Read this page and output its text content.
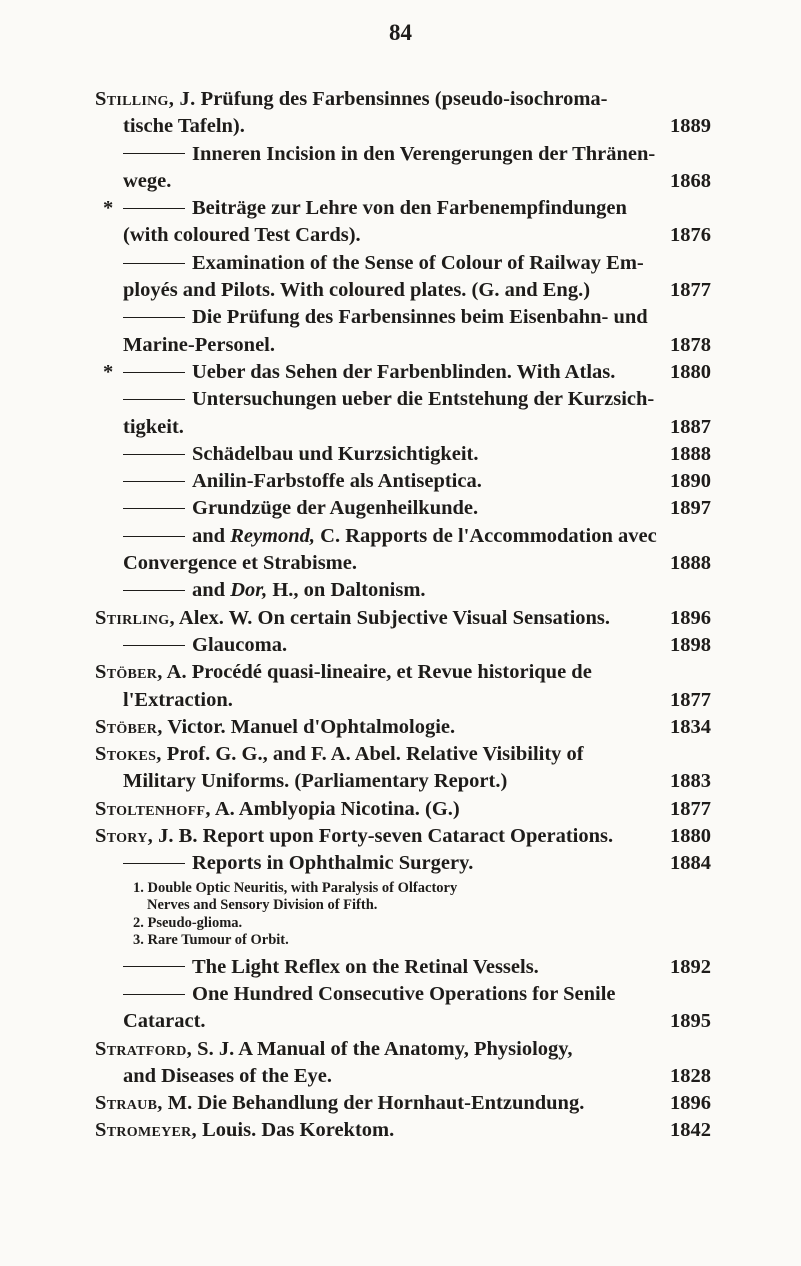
84
Stilling, J. Prüfung des Farbensinnes (pseudo-isochroma-
tische Tafeln).	1889
Inneren Incision in den Verengerungen der Thränen-
wege.	1868
*	Beiträge zur Lehre von den Farbenempfindungen
(with coloured Test Cards).	1876
Examination of the Sense of Colour of Railway Em-
ployés and Pilots. With coloured plates. (G. and Eng.)	1877
Die Prüfung des Farbensinnes beim Eisenbahn- und
Marine-Personel.	1878
*	Ueber das Sehen der Farbenblinden. With Atlas.	1880
Untersuchungen ueber die Entstehung der Kurzsich-
tigkeit.	1887
Schädelbau und Kurzsichtigkeit.	1888
Anilin-Farbstoffe als Antiseptica.	1890
Grundzüge der Augenheilkunde.	1897
and Reymond, C. Rapports de l'Accommodation avec
Convergence et Strabisme.	1888
and Dor, H., on Daltonism.
Stirling, Alex. W. On certain Subjective Visual Sensations.	1896
Glaucoma.	1898
Stöber, A. Procédé quasi-lineaire, et Revue historique de
l'Extraction.	1877
Stöber, Victor. Manuel d'Ophtalmologie.	1834
Stokes, Prof. G. G., and F. A. Abel. Relative Visibility of
Military Uniforms. (Parliamentary Report.)	1883
Stoltenhoff, A. Amblyopia Nicotina. (G.)	1877
Story, J. B. Report upon Forty-seven Cataract Operations.	1880
Reports in Ophthalmic Surgery.	1884
1. Double Optic Neuritis, with Paralysis of Olfactory
Nerves and Sensory Division of Fifth.
2. Pseudo-glioma.
3. Rare Tumour of Orbit.
The Light Reflex on the Retinal Vessels.	1892
One Hundred Consecutive Operations for Senile
Cataract.	1895
Stratford, S. J. A Manual of the Anatomy, Physiology,
and Diseases of the Eye.	1828
Straub, M. Die Behandlung der Hornhaut-Entzundung.	1896
Stromeyer, Louis. Das Korektom.	1842
